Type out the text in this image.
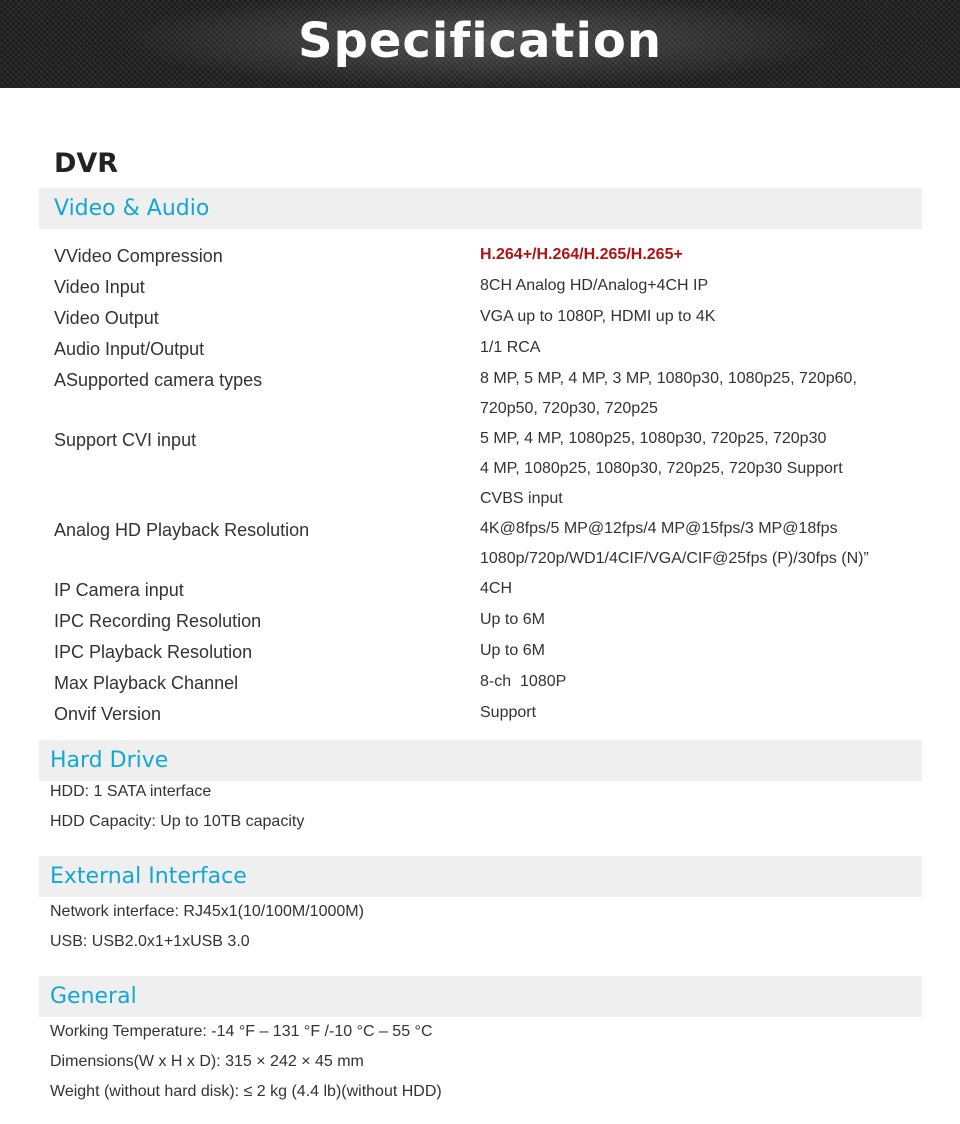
Specification
DVR
Video & Audio
VVideo Compression	H.264+/H.264/H.265/H.265+
Video Input	8CH Analog HD/Analog+4CH IP
Video Output	VGA up to 1080P, HDMI up to 4K
Audio Input/Output	1/1 RCA
ASupported camera types	8 MP, 5 MP, 4 MP, 3 MP, 1080p30, 1080p25, 720p60,
720p50, 720p30, 720p25
Support CVI input	5 MP, 4 MP, 1080p25, 1080p30, 720p25, 720p30
4 MP, 1080p25, 1080p30, 720p25, 720p30 Support
CVBS input
Analog HD Playback Resolution	4K@8fps/5 MP@12fps/4 MP@15fps/3 MP@18fps
1080p/720p/WD1/4CIF/VGA/CIF@25fps (P)/30fps (N)”
IP Camera input	4CH
IPC Recording Resolution	Up to 6M
IPC Playback Resolution	Up to 6M
Max Playback Channel	8-ch  1080P
Onvif Version	Support
Hard Drive
HDD: 1 SATA interface
HDD Capacity: Up to 10TB capacity
External Interface
Network interface: RJ45x1(10/100M/1000M)
USB: USB2.0x1+1xUSB 3.0
General
Working Temperature: -14 °F – 131 °F /-10 °C – 55 °C
Dimensions(W x H x D): 315 × 242 × 45 mm
Weight (without hard disk): ≤ 2 kg (4.4 lb)(without HDD)
